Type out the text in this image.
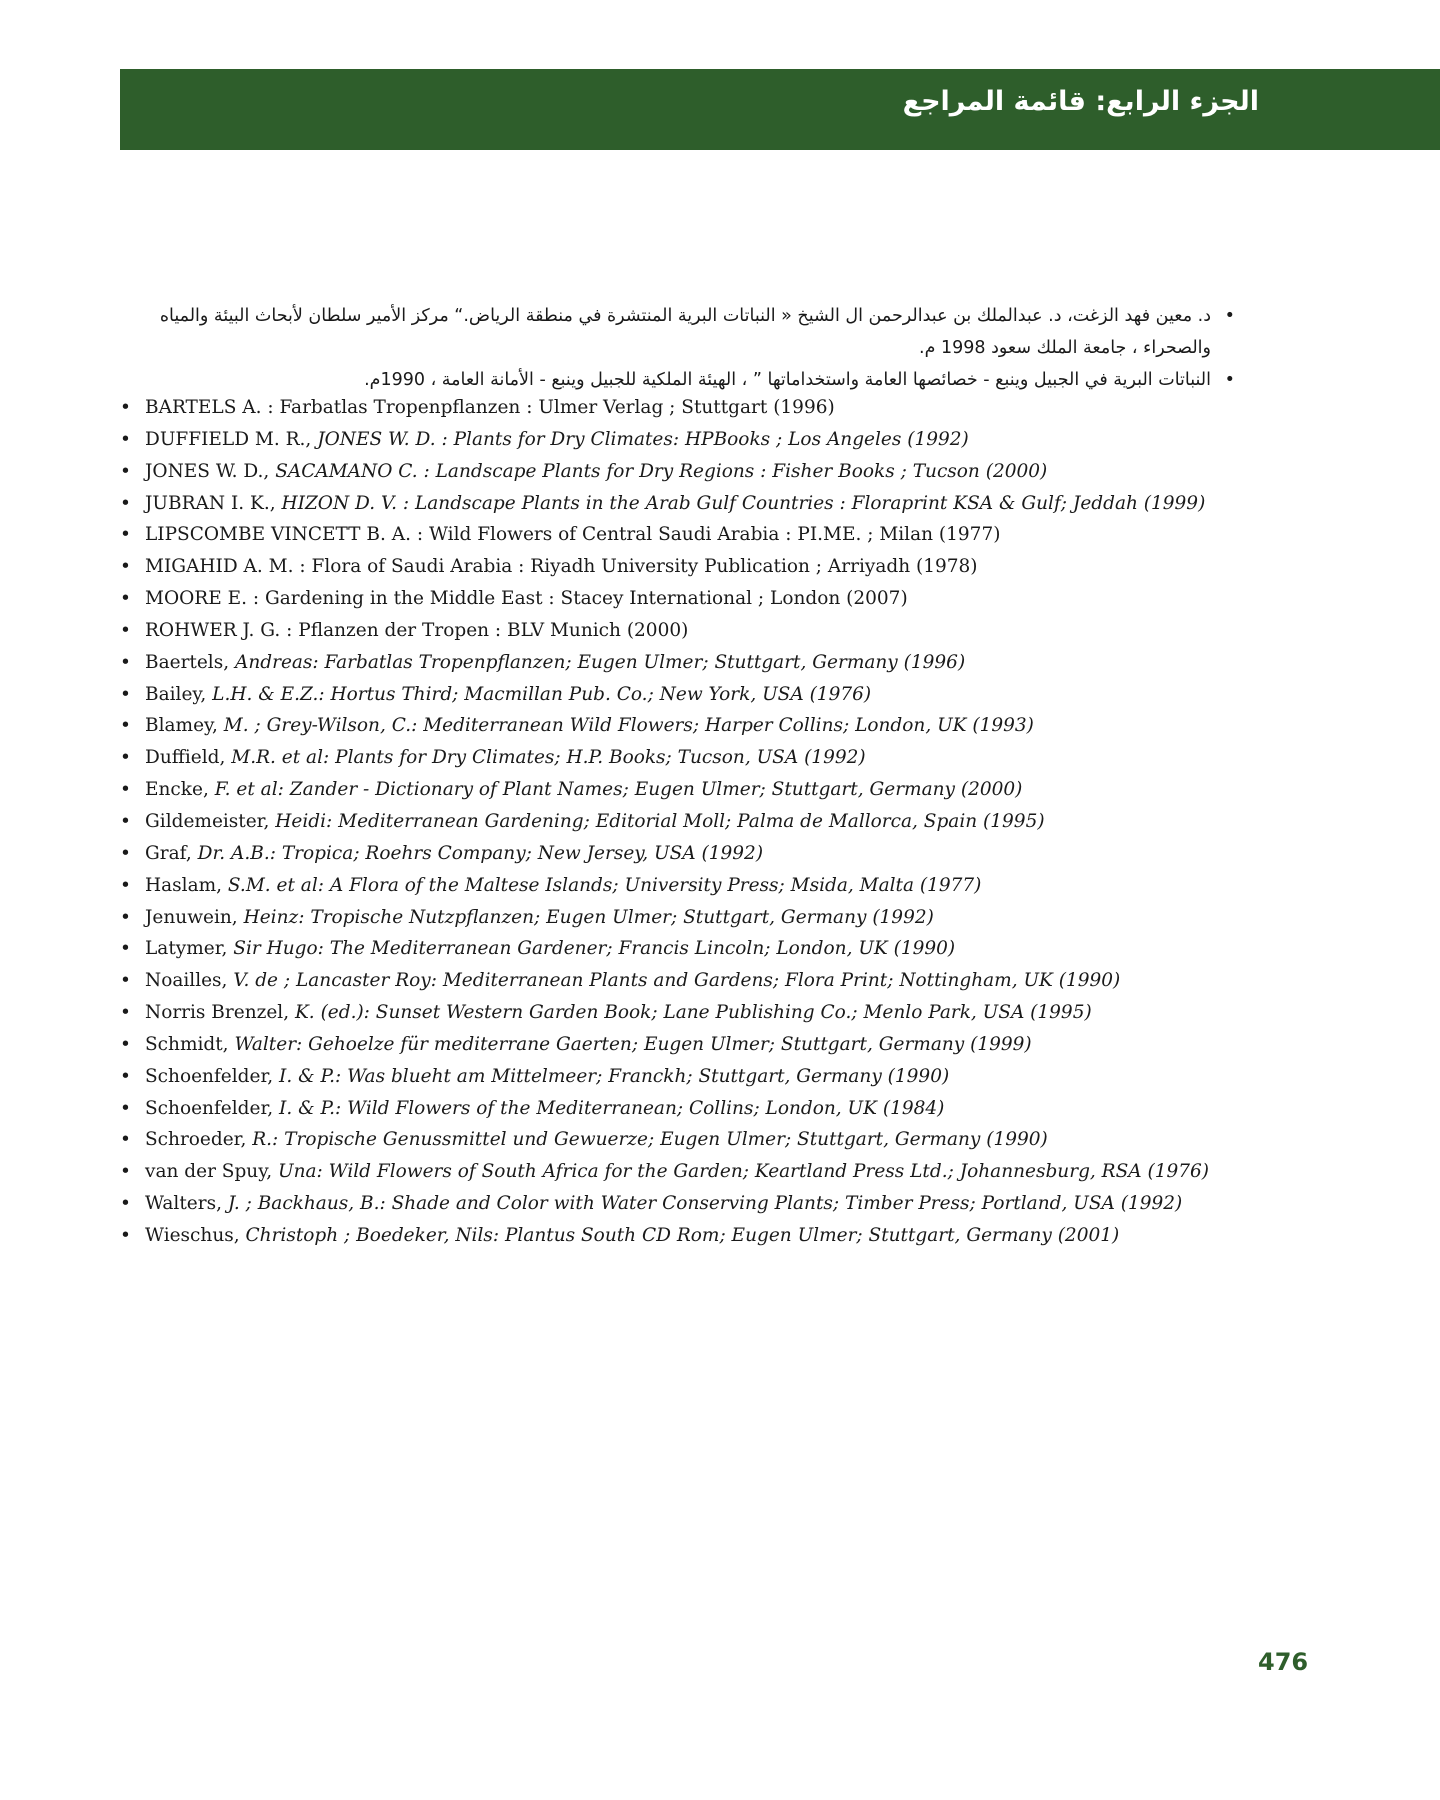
الجزء الرابع: قائمة المراجع
• د. معين فهد الزغت، د. عبدالملك بن عبدالرحمن ال الشيخ « النباتات البرية المنتشرة في منطقة الرياض.“ مركز الأمير سلطان لأبحاث البيئة والمياه والصحراء ، جامعة الملك سعود 1998 م.
• النباتات البرية في الجبيل وينبع - خصائصها العامة واستخداماتها ” ، الهيئة الملكية للجبيل وينبع - الأمانة العامة ، 1990م.
• BARTELS A. : Farbatlas Tropenpflanzen : Ulmer Verlag ; Stuttgart (1996)
• DUFFIELD M. R., JONES W. D. : Plants for Dry Climates: HPBooks ; Los Angeles (1992)
• JONES W. D., SACAMANO C. : Landscape Plants for Dry Regions : Fisher Books ; Tucson (2000)
• JUBRAN I. K., HIZON D. V. : Landscape Plants in the Arab Gulf Countries : Floraprint KSA & Gulf; Jeddah (1999)
• LIPSCOMBE VINCETT B. A. : Wild Flowers of Central Saudi Arabia : PI.ME. ; Milan (1977)
• MIGAHID A. M. : Flora of Saudi Arabia : Riyadh University Publication ; Arriyadh (1978)
• MOORE E. : Gardening in the Middle East : Stacey International ; London (2007)
• ROHWER J. G. : Pflanzen der Tropen : BLV Munich (2000)
• Baertels, Andreas: Farbatlas Tropenpflanzen; Eugen Ulmer; Stuttgart, Germany (1996)
• Bailey, L.H. & E.Z.: Hortus Third; Macmillan Pub. Co.; New York, USA (1976)
• Blamey, M. ; Grey-Wilson, C.: Mediterranean Wild Flowers; Harper Collins; London, UK (1993)
• Duffield, M.R. et al: Plants for Dry Climates; H.P. Books; Tucson, USA (1992)
• Encke, F. et al: Zander - Dictionary of Plant Names; Eugen Ulmer; Stuttgart, Germany (2000)
• Gildemeister, Heidi: Mediterranean Gardening; Editorial Moll; Palma de Mallorca, Spain (1995)
• Graf, Dr. A.B.: Tropica; Roehrs Company; New Jersey, USA (1992)
• Haslam, S.M. et al: A Flora of the Maltese Islands; University Press; Msida, Malta (1977)
• Jenuwein, Heinz: Tropische Nutzpflanzen; Eugen Ulmer; Stuttgart, Germany (1992)
• Latymer, Sir Hugo: The Mediterranean Gardener; Francis Lincoln; London, UK (1990)
• Noailles, V. de ; Lancaster Roy: Mediterranean Plants and Gardens; Flora Print; Nottingham, UK (1990)
• Norris Brenzel, K. (ed.): Sunset Western Garden Book; Lane Publishing Co.; Menlo Park, USA (1995)
• Schmidt, Walter: Gehoelze für mediterrane Gaerten; Eugen Ulmer; Stuttgart, Germany (1999)
• Schoenfelder, I. & P.: Was blueht am Mittelmeer; Franckh; Stuttgart, Germany (1990)
• Schoenfelder, I. & P.: Wild Flowers of the Mediterranean; Collins; London, UK (1984)
• Schroeder, R.: Tropische Genussmittel und Gewuerze; Eugen Ulmer; Stuttgart, Germany (1990)
• van der Spuy, Una: Wild Flowers of South Africa for the Garden; Keartland Press Ltd.; Johannesburg, RSA (1976)
• Walters, J. ; Backhaus, B.: Shade and Color with Water Conserving Plants; Timber Press; Portland, USA (1992)
• Wieschus, Christoph ; Boedeker, Nils: Plantus South CD Rom; Eugen Ulmer; Stuttgart, Germany (2001)
476
